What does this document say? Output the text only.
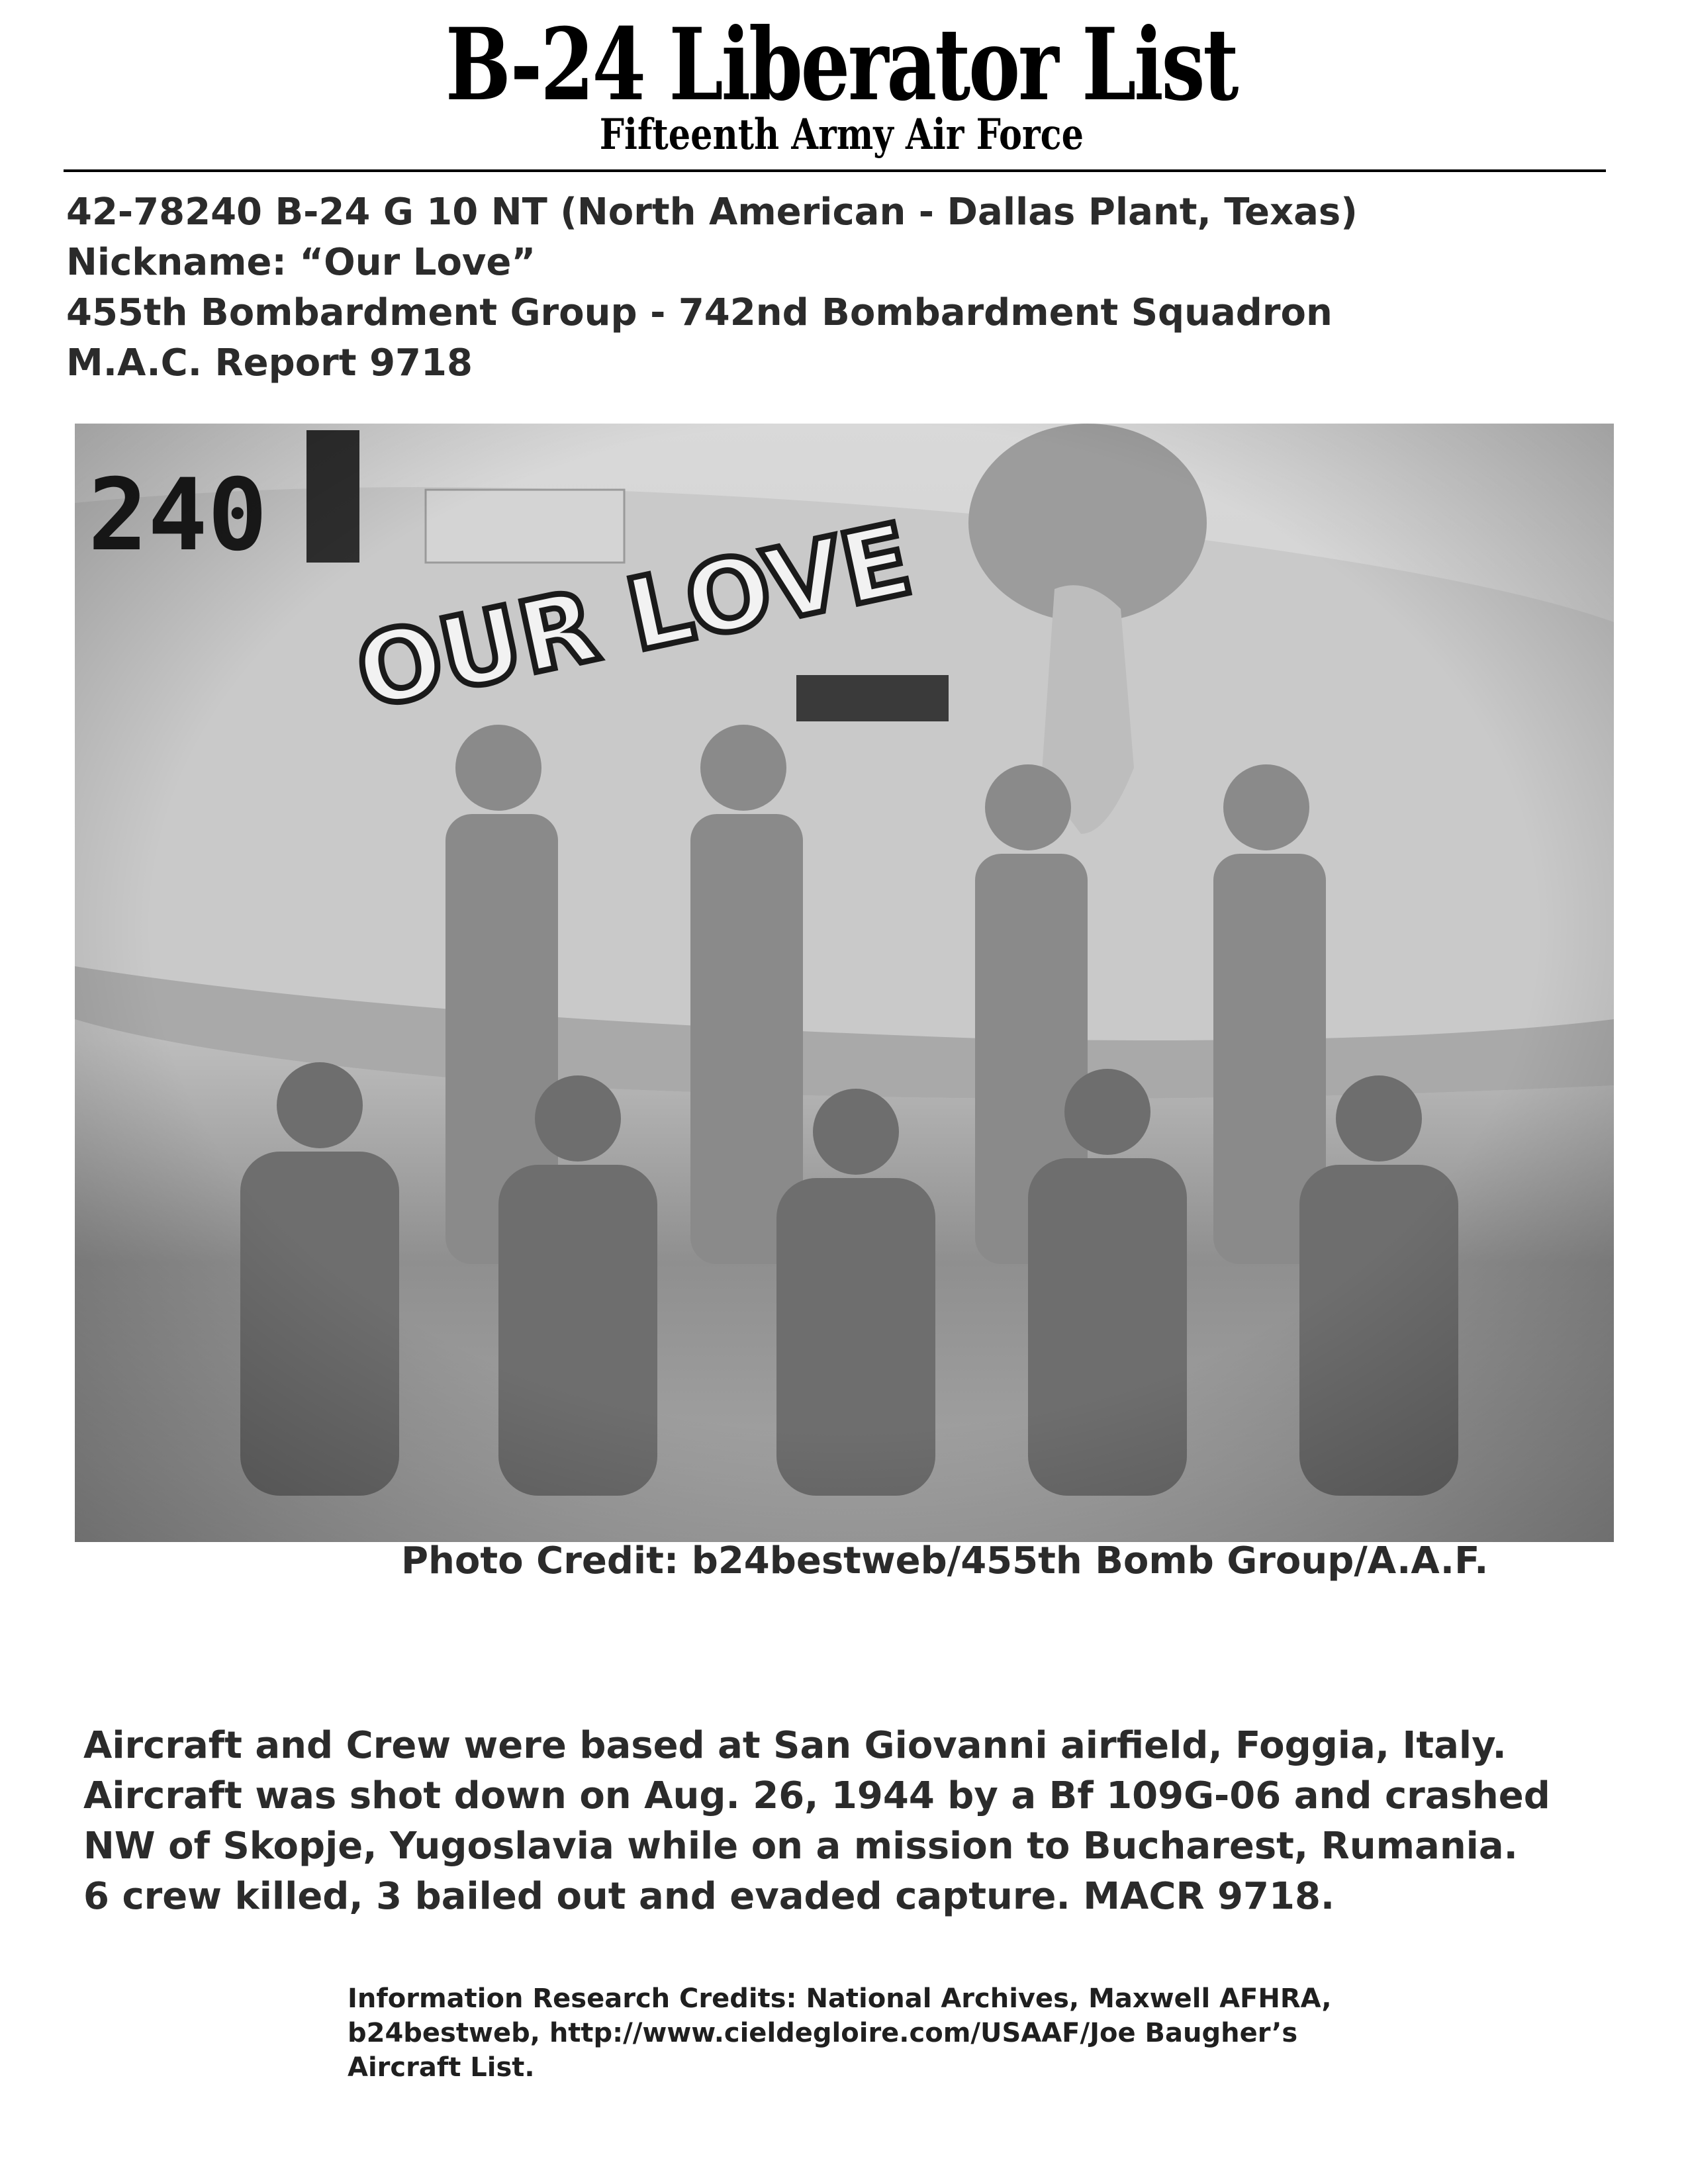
B-24 Liberator List
Fifteenth Army Air Force
42-78240 B-24 G 10 NT (North American - Dallas Plant, Texas)
Nickname: “Our Love”
455th Bombardment Group - 742nd Bombardment Squadron
M.A.C. Report 9718
Photo Credit: b24bestweb/455th Bomb Group/A.A.F.
Aircraft and Crew were based at San Giovanni airfield, Foggia, Italy.
Aircraft was shot down on Aug. 26, 1944 by a Bf 109G-06 and crashed
NW of Skopje, Yugoslavia while on a mission to Bucharest, Rumania.
6 crew killed, 3 bailed out and evaded capture. MACR 9718.
Information Research Credits: National Archives, Maxwell AFHRA,
b24bestweb, http://www.cieldegloire.com/USAAF/Joe Baugher’s
Aircraft List.
